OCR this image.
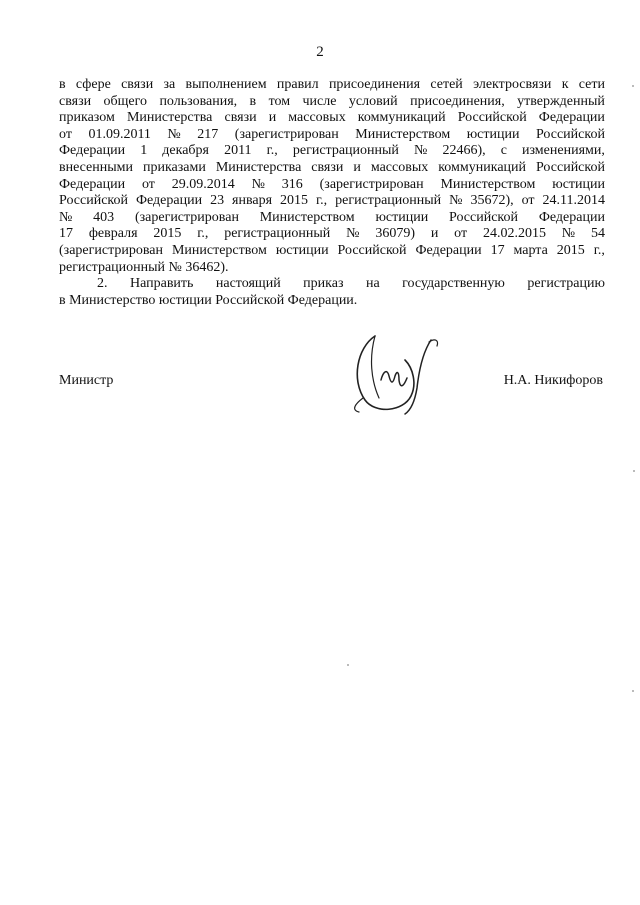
2
в сфере связи за выполнением правил присоединения сетей электросвязи к сети
связи общего пользования, в том числе условий присоединения, утвержденный
приказом Министерства связи и массовых коммуникаций Российской Федерации
от 01.09.2011 № 217 (зарегистрирован Министерством юстиции Российской
Федерации 1 декабря 2011 г., регистрационный № 22466), с изменениями,
внесенными приказами Министерства связи и массовых коммуникаций Российской
Федерации от 29.09.2014 № 316 (зарегистрирован Министерством юстиции
Российской Федерации 23 января 2015 г., регистрационный № 35672), от 24.11.2014
№ 403 (зарегистрирован Министерством юстиции Российской Федерации
17 февраля 2015 г., регистрационный № 36079) и от 24.02.2015 № 54
(зарегистрирован Министерством юстиции Российской Федерации 17 марта 2015 г.,
регистрационный № 36462).
2. Направить настоящий приказ на государственную регистрацию
в Министерство юстиции Российской Федерации.
Министр	Н.А. Никифоров
